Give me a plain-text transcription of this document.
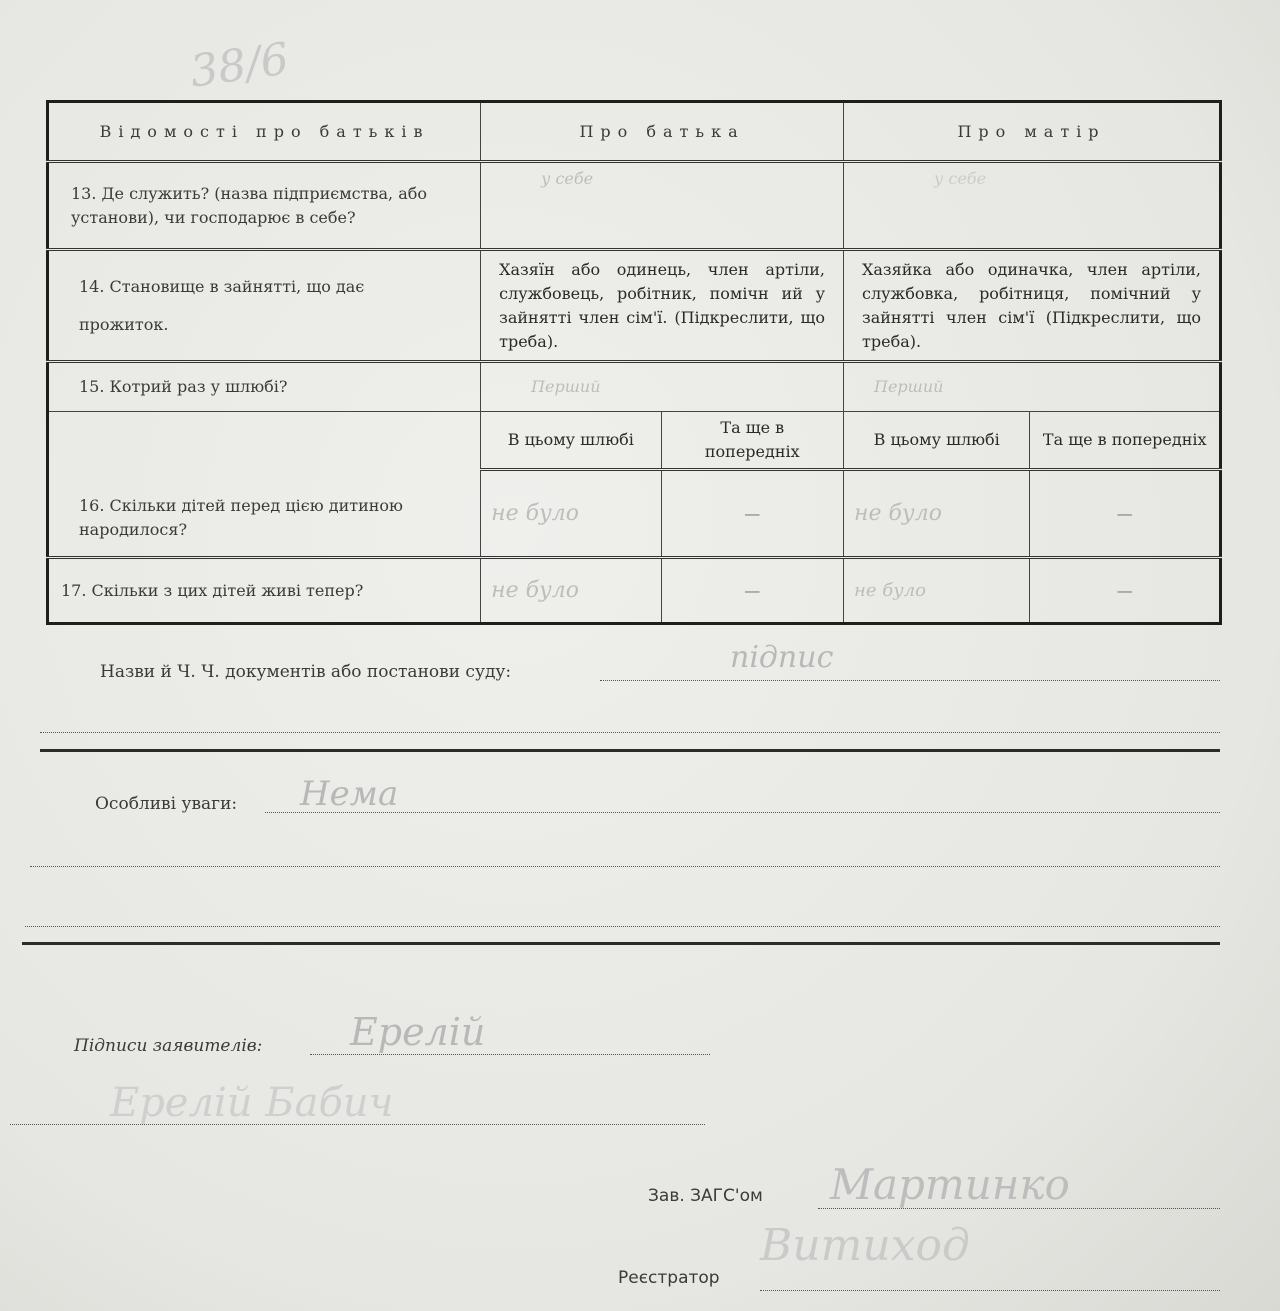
38/6
Відомості про батьків	Про батька		Про матір	
13. Де служить? (назва підприємства, або установи), чи господарює в себе?	у себе		у себе	
14. Становище в зайнятті, що дає прожиток.	Хазяїн або одинець, член артіли, службовець, робітник, помічн ий у зайнятті член сім'ї. (Підкреслити, що треба).		Хазяйка або одиначка, член артіли, службовка, робітниця, помічний у зайнятті член сім'ї (Підкреслити, що треба).	
15. Котрий раз у шлюбі?	Перший		Перший	
16. Скільки дітей перед цією дитиною народилося?	В цьому шлюбі	Та ще в попередніх	В цьому шлюбі	Та ще в попередніх
	не було	—	не було	—
17. Скільки з цих дітей живі тепер?	не було	—	не було	—
Назви й Ч. Ч. документів або постанови суду:	підпис
Особливі уваги: Нема
Підписи заявителів: Ерелій
Ерелій Бабич
Зав. ЗАГС'ом Мартинко
Реєстратор
Витиход
